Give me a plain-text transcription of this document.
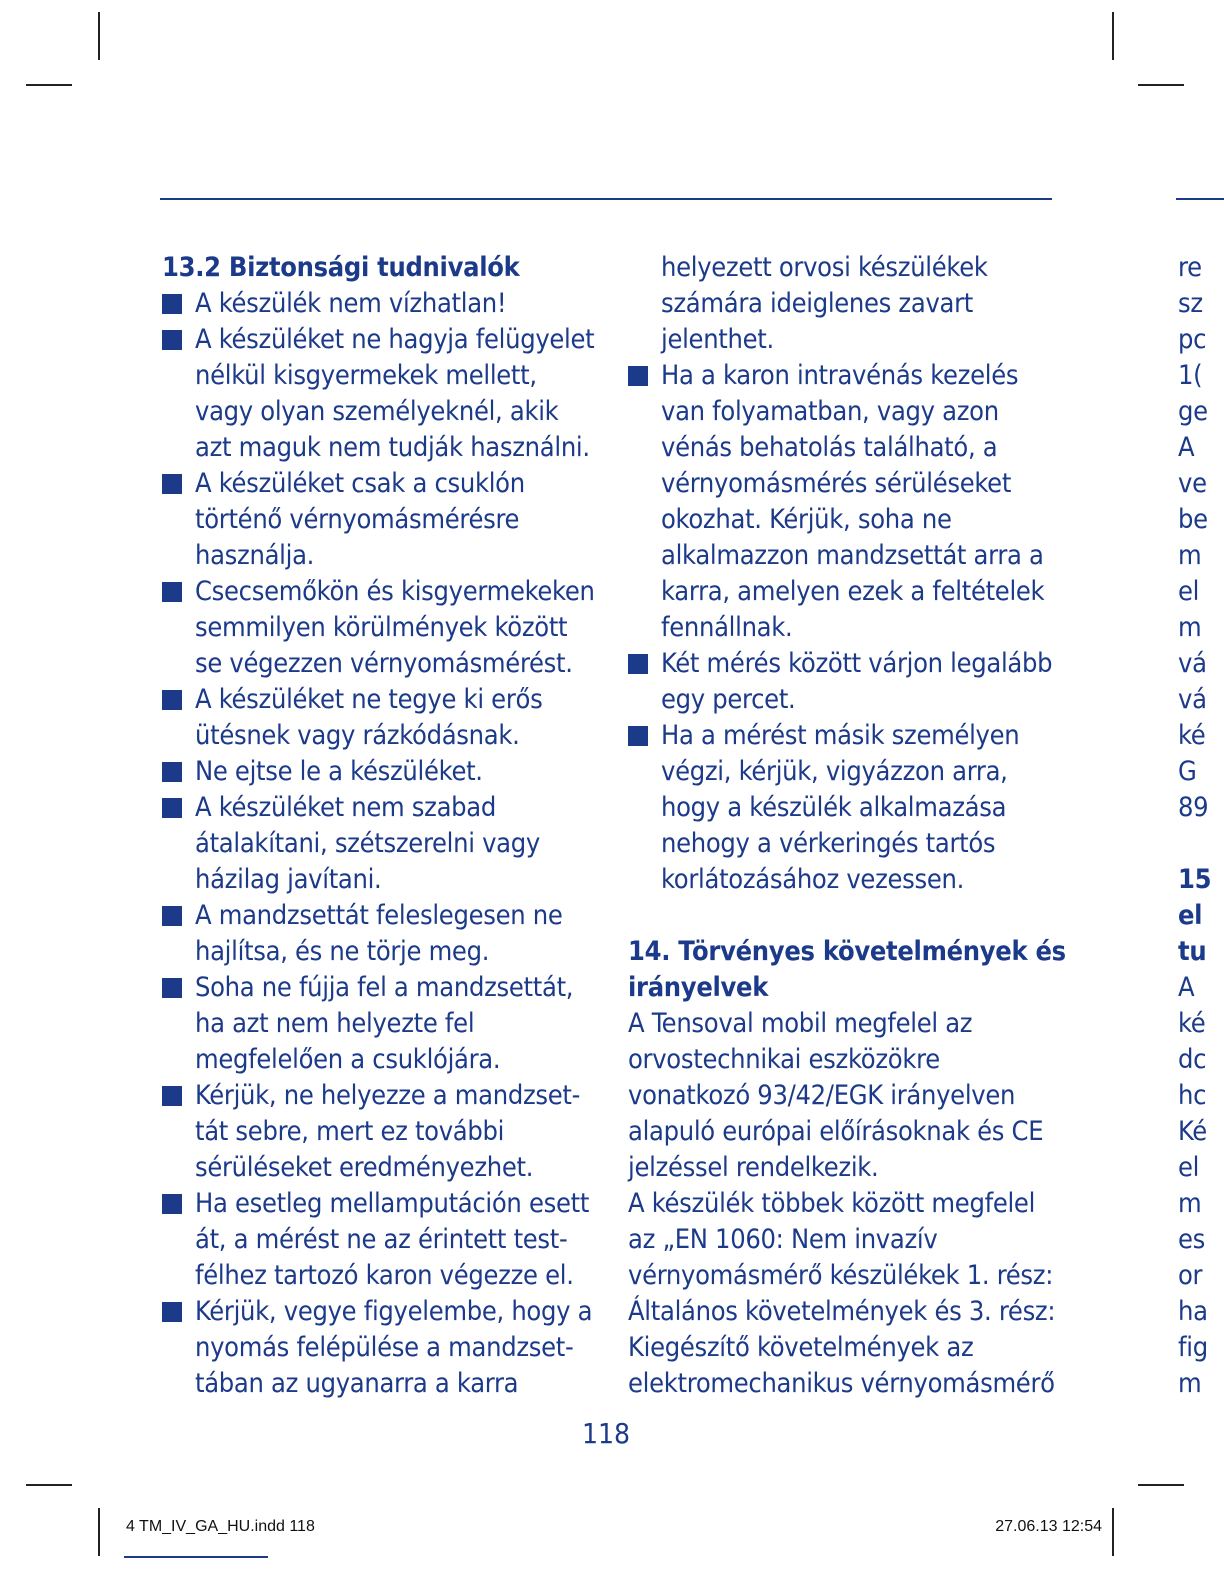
13.2 Biztonsági tudnivalók
A készülék nem vízhatlan!
A készüléket ne hagyja felügyelet
nélkül kisgyermekek mellett,
vagy olyan személyeknél, akik
azt maguk nem tudják használni.
A készüléket csak a csuklón
történő vérnyomásmérésre
használja.
Csecsemőkön és kisgyermekeken
semmilyen körülmények között
se végezzen vérnyomásmérést.
A készüléket ne tegye ki erős
ütésnek vagy rázkódásnak.
Ne ejtse le a készüléket.
A készüléket nem szabad
átalakítani, szétszerelni vagy
házilag javítani.
A mandzsettát feleslegesen ne
hajlítsa, és ne törje meg.
Soha ne fújja fel a mandzsettát,
ha azt nem helyezte fel
megfelelően a csuklójára.
Kérjük, ne helyezze a mandzset-
tát sebre, mert ez további
sérüléseket eredményezhet.
Ha esetleg mellamputáción esett
át, a mérést ne az érintett test-
félhez tartozó karon végezze el.
Kérjük, vegye figyelembe, hogy a
nyomás felépülése a mandzset-
tában az ugyanarra a karra
helyezett orvosi készülékek
számára ideiglenes zavart
jelenthet.
Ha a karon intravénás kezelés
van folyamatban, vagy azon
vénás behatolás található, a
vérnyomásmérés sérüléseket
okozhat. Kérjük, soha ne
alkalmazzon mandzsettát arra a
karra, amelyen ezek a feltételek
fennállnak.
Két mérés között várjon legalább
egy percet.
Ha a mérést másik személyen
végzi, kérjük, vigyázzon arra,
hogy a készülék alkalmazása
nehogy a vérkeringés tartós
korlátozásához vezessen.
14. Törvényes követelmények és
irányelvek
A Tensoval mobil megfelel az
orvostechnikai eszközökre
vonatkozó 93/42/EGK irányelven
alapuló európai előírásoknak és CE
jelzéssel rendelkezik.
A készülék többek között megfelel
az „EN 1060: Nem invazív
vérnyomásmérő készülékek 1. rész:
Általános követelmények és 3. rész:
Kiegészítő követelmények az
elektromechanikus vérnyomásmérő
re
sz
pc
1(
ge
A
ve
be
m
el
m
vá
vá
ké
G
89
15
el
tu
A
ké
dc
hc
Ké
el
m
es
or
ha
fig
m
118
4 TM_IV_GA_HU.indd 118	27.06.13 12:54
